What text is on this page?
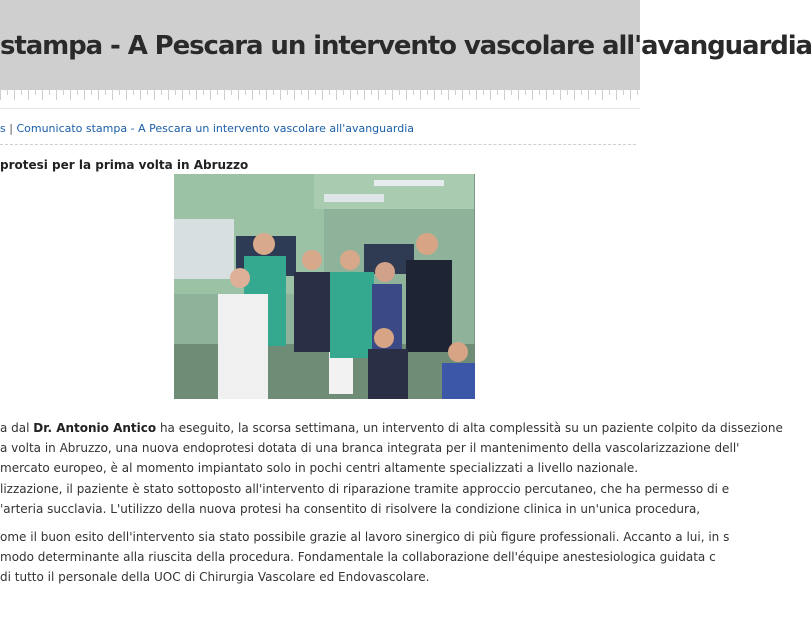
stampa - A Pescara un intervento vascolare all'avanguardia
s | Comunicato stampa - A Pescara un intervento vascolare all'avanguardia
protesi per la prima volta in Abruzzo
a dal Dr. Antonio Antico ha eseguito, la scorsa settimana, un intervento di alta complessità su un paziente colpito da dissezione
a volta in Abruzzo, una nuova endoprotesi dotata di una branca integrata per il mantenimento della vascolarizzazione dell'
mercato europeo, è al momento impiantato solo in pochi centri altamente specializzati a livello nazionale.
lizzazione, il paziente è stato sottoposto all'intervento di riparazione tramite approccio percutaneo, che ha permesso di e
'arteria succlavia. L'utilizzo della nuova protesi ha consentito di risolvere la condizione clinica in un'unica procedura,
ome il buon esito dell'intervento sia stato possibile grazie al lavoro sinergico di più figure professionali. Accanto a lui, in s
modo determinante alla riuscita della procedura. Fondamentale la collaborazione dell'équipe anestesiologica guidata c
di tutto il personale della UOC di Chirurgia Vascolare ed Endovascolare.
